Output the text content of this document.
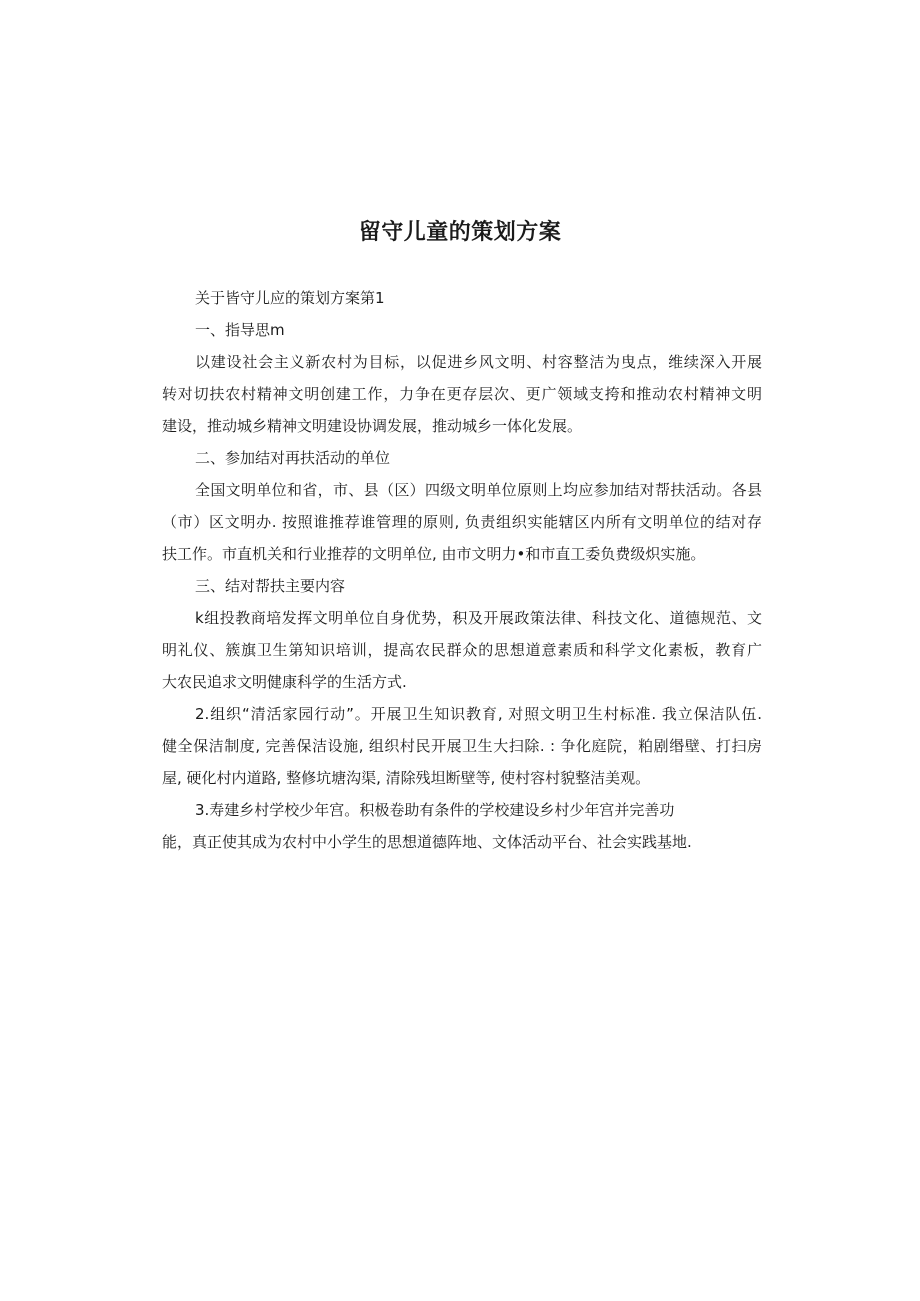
留守儿童的策划方案
关于皆守儿应的策划方案第1
一、指导思m
以建设社会主义新农村为目标，以促进乡风文明、村容整洁为曳点，维续深入开展
转对切扶农村精神文明创建工作，力争在更存层次、更广领域支挎和推动农村精神文明
建设，推动城乡精神文明建设协调发展，推动城乡一体化发展。
二、参加结对再扶活动的单位
全国文明单位和省，市、县（区）四级文明单位原则上均应参加结对帮扶活动。各县
（市）区文明办. 按照谁推荐谁管理的原则, 负责组织实能辖区内所有文明单位的结对存
扶工作。市直机关和行业推荐的文明单位, 由市文明力•和市直工委负费级炽实施。
三、结对帮扶主要内容
k组投教商培发挥文明单位自身优势，积及开展政策法律、科技文化、道德规范、文
明礼仪、簇旗卫生第知识培训，提高农民群众的思想道意素质和科学文化素板，教育广
大农民追求文明健康科学的生活方式.
2.组织“清活家园行动”。开展卫生知识教育, 对照文明卫生村标准. 我立保洁队伍.
健全保洁制度, 完善保洁设施, 组织村民开展卫生大扫除. : 争化庭院，粕剧缗壁、打扫房
屋, 硬化村内道路, 整修坑塘沟渠, 清除残坦断壁等, 使村容村貌整洁美观。
3.寿建乡村学校少年宫。积极卷助有条件的学校建设乡村少年宫并完善功
能，真正使其成为农村中小学生的思想道德阵地、文体活动平台、社会实践基地.
